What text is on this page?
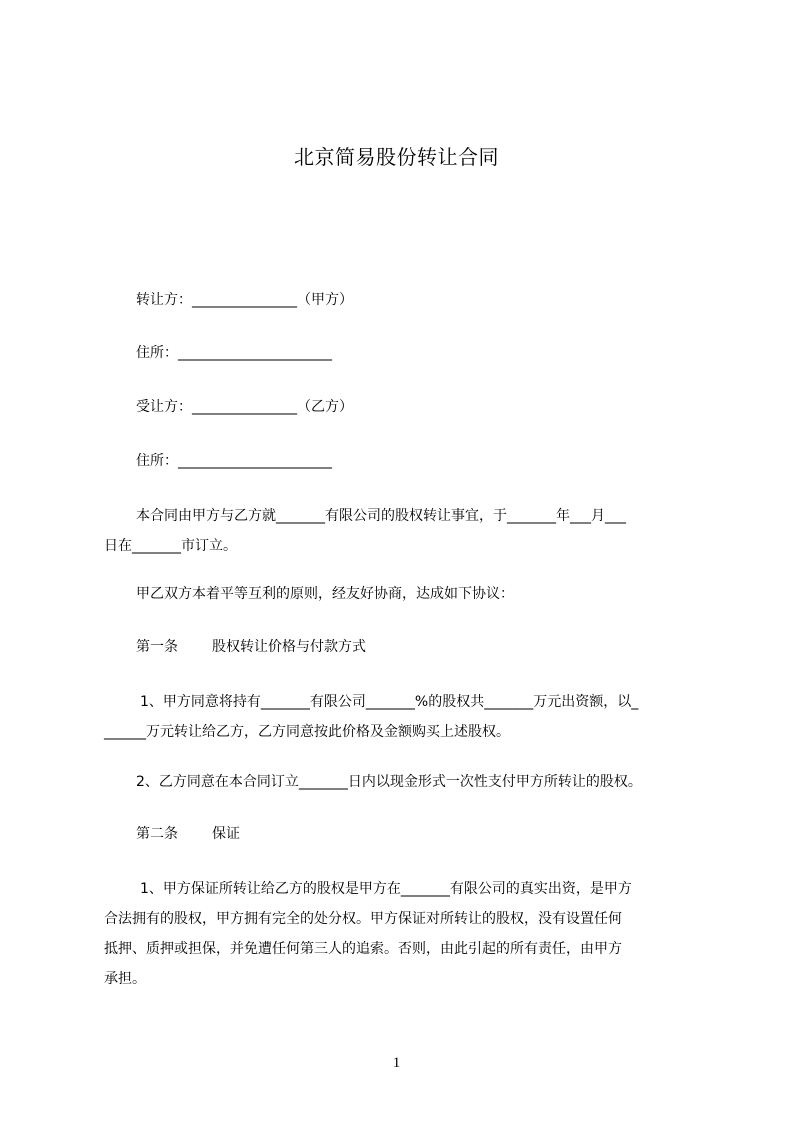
北京简易股份转让合同
转让方：_______________（甲方）
住所：______________________
受让方：_______________（乙方）
住所：______________________
本合同由甲方与乙方就_______有限公司的股权转让事宜，于_______年___月___
日在_______市订立。
甲乙双方本着平等互利的原则，经友好协商，达成如下协议：
第一条 股权转让价格与付款方式
1、甲方同意将持有_______有限公司_______%的股权共_______万元出资额，以_
______万元转让给乙方，乙方同意按此价格及金额购买上述股权。
2、乙方同意在本合同订立_______日内以现金形式一次性支付甲方所转让的股权。
第二条 保证
1、甲方保证所转让给乙方的股权是甲方在_______有限公司的真实出资，是甲方
合法拥有的股权，甲方拥有完全的处分权。甲方保证对所转让的股权，没有设置任何
抵押、质押或担保，并免遭任何第三人的追索。否则，由此引起的所有责任，由甲方
承担。
1
